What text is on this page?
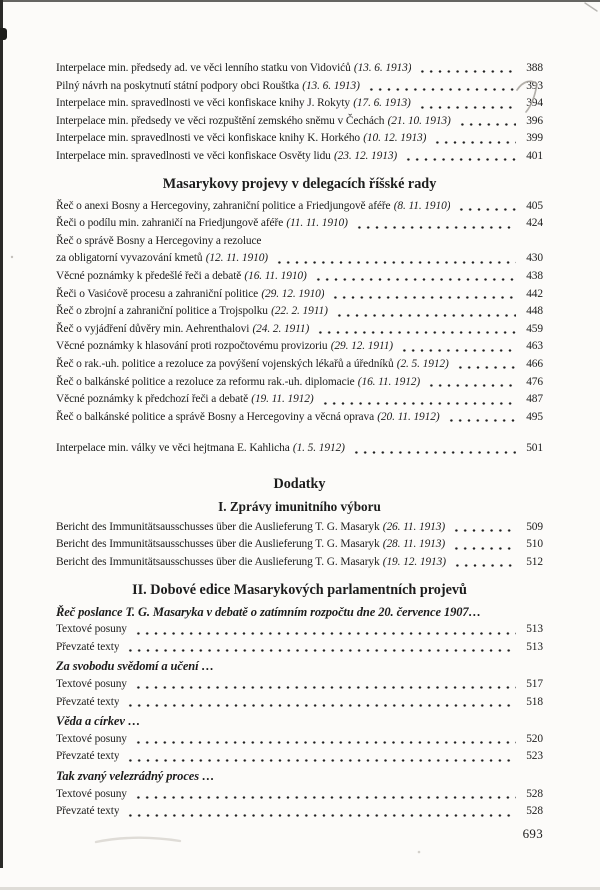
Interpelace min. předsedy ad. ve věci lenního statku von Vidovićů (13. 6. 1913)	388
Pilný návrh na poskytnutí státní podpory obci Rouštka (13. 6. 1913)	393
Interpelace min. spravedlnosti ve věci konfiskace knihy J. Rokyty (17. 6. 1913)	394
Interpelace min. předsedy ve věci rozpuštění zemského sněmu v Čechách (21. 10. 1913)	396
Interpelace min. spravedlnosti ve věci konfiskace knihy K. Horkého (10. 12. 1913)	399
Interpelace min. spravedlnosti ve věci konfiskace Osvěty lidu (23. 12. 1913)	401
Masarykovy projevy v delegacích říšské rady
Řeč o anexi Bosny a Hercegoviny, zahraniční politice a Friedjungově aféře (8. 11. 1910)	405
Řeči o podílu min. zahraničí na Friedjungově aféře (11. 11. 1910)	424
Řeč o správě Bosny a Hercegoviny a rezoluce
za obligatorní vyvazování kmetů (12. 11. 1910)	430
Věcné poznámky k předešlé řeči a debatě (16. 11. 1910)	438
Řeči o Vasićově procesu a zahraniční politice (29. 12. 1910)	442
Řeč o zbrojní a zahraniční politice a Trojspolku (22. 2. 1911)	448
Řeč o vyjádření důvěry min. Aehrenthalovi (24. 2. 1911)	459
Věcné poznámky k hlasování proti rozpočtovému provizoriu (29. 12. 1911)	463
Řeč o rak.-uh. politice a rezoluce za povýšení vojenských lékařů a úředníků (2. 5. 1912)	466
Řeč o balkánské politice a rezoluce za reformu rak.-uh. diplomacie (16. 11. 1912)	476
Věcné poznámky k předchozí řeči a debatě (19. 11. 1912)	487
Řeč o balkánské politice a správě Bosny a Hercegoviny a věcná oprava (20. 11. 1912)	495
Interpelace min. války ve věci hejtmana E. Kahlicha (1. 5. 1912)	501
Dodatky
I. Zprávy imunitního výboru
Bericht des Immunitätsausschusses über die Auslieferung T. G. Masaryk (26. 11. 1913)	509
Bericht des Immunitätsausschusses über die Auslieferung T. G. Masaryk (28. 11. 1913)	510
Bericht des Immunitätsausschusses über die Auslieferung T. G. Masaryk (19. 12. 1913)	512
II. Dobové edice Masarykových parlamentních projevů
Řeč poslance T. G. Masaryka v debatě o zatímním rozpočtu dne 20. července 1907…
Textové posuny	513
Převzaté texty	513
Za svobodu svědomí a učení …
Textové posuny	517
Převzaté texty	518
Věda a církev …
Textové posuny	520
Převzaté texty	523
Tak zvaný velezrádný proces …
Textové posuny	528
Převzaté texty	528
693
